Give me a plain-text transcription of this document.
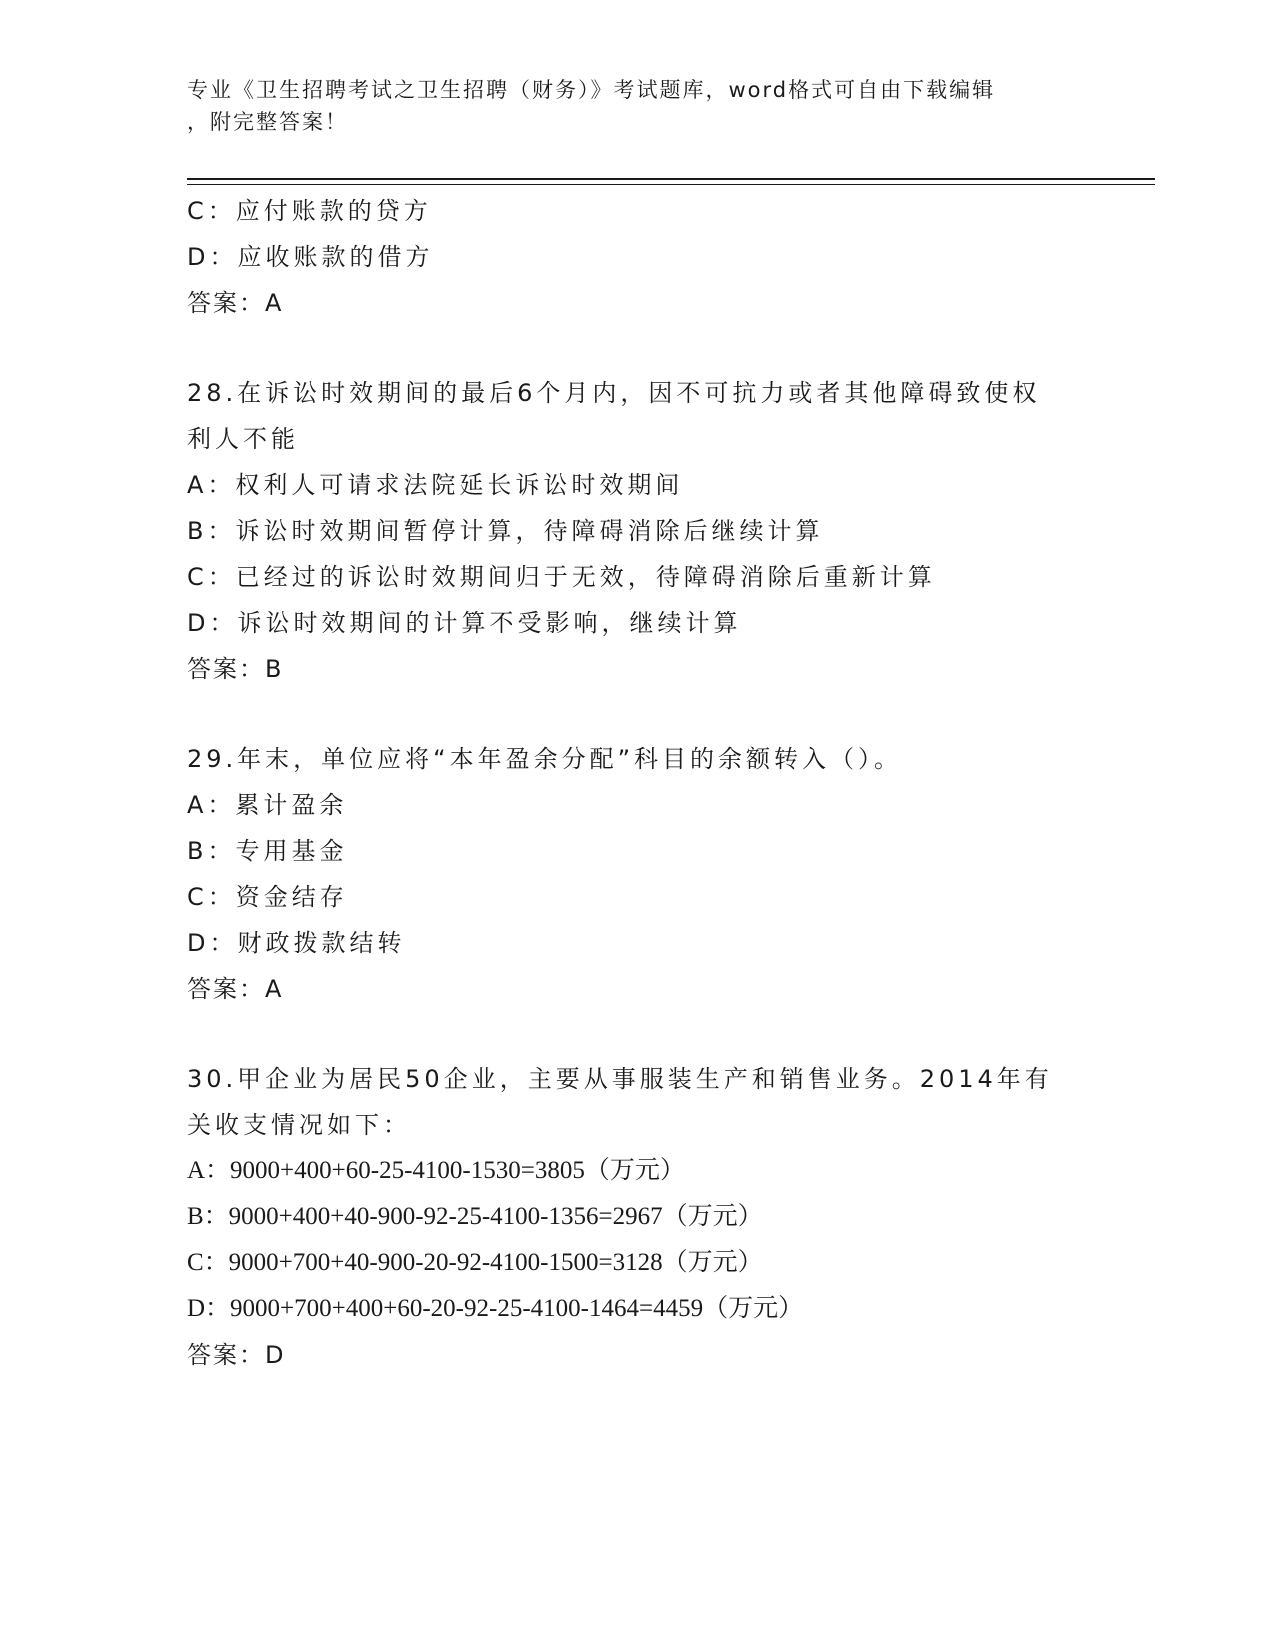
专业《卫生招聘考试之卫生招聘（财务）》考试题库，word格式可自由下载编辑
，附完整答案！
C：应付账款的贷方
D：应收账款的借方
答案：A
28.在诉讼时效期间的最后6个月内，因不可抗力或者其他障碍致使权
利人不能
A：权利人可请求法院延长诉讼时效期间
B：诉讼时效期间暂停计算，待障碍消除后继续计算
C：已经过的诉讼时效期间归于无效，待障碍消除后重新计算
D：诉讼时效期间的计算不受影响，继续计算
答案：B
29.年末，单位应将“本年盈余分配”科目的余额转入（）。
A：累计盈余
B：专用基金
C：资金结存
D：财政拨款结转
答案：A
30.甲企业为居民50企业，主要从事服装生产和销售业务。2014年有
关收支情况如下：
A：9000+400+60-25-4100-1530=3805（万元）
B：9000+400+40-900-92-25-4100-1356=2967（万元）
C：9000+700+40-900-20-92-4100-1500=3128（万元）
D：9000+700+400+60-20-92-25-4100-1464=4459（万元）
答案：D
